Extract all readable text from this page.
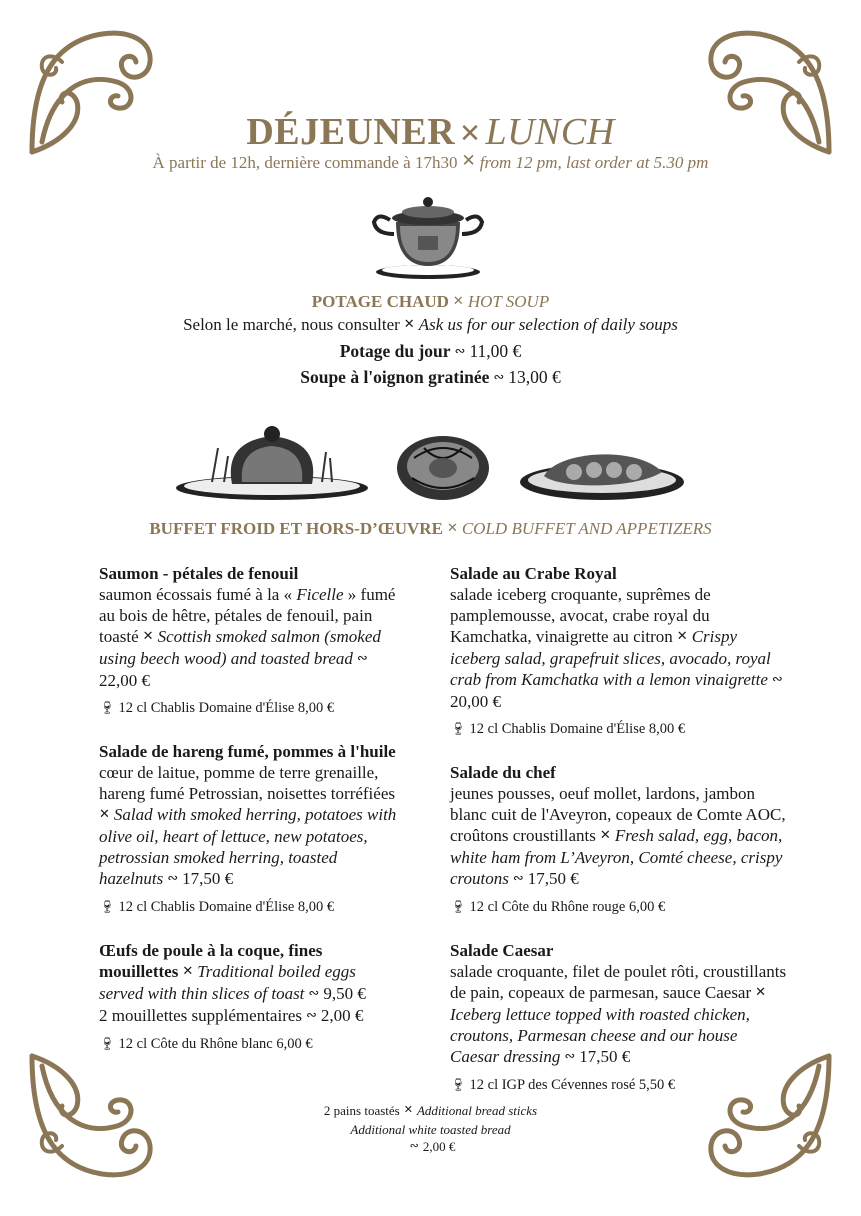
DÉJEUNER ✕ LUNCH
À partir de 12h, dernière commande à 17h30 ✕ from 12 pm, last order at 5.30 pm
POTAGE CHAUD ✕ HOT SOUP
Selon le marché, nous consulter ✕ Ask us for our selection of daily soups
Potage du jour ∾ 11,00 €
Soupe à l'oignon gratinée ∾ 13,00 €
BUFFET FROID ET HORS-D’ŒUVRE ✕ COLD BUFFET AND APPETIZERS
Saumon - pétales de fenouil
saumon écossais fumé à la « Ficelle » fumé au bois de hêtre, pétales de fenouil, pain toasté ✕ Scottish smoked salmon (smoked using beech wood) and toasted bread ∾22,00 €
🍷︎ 12 cl Chablis Domaine d'Élise 8,00 €
Salade de hareng fumé, pommes à l'huile cœur de laitue, pomme de terre grenaille, hareng fumé Petrossian, noisettes torréfiées
✕ Salad with smoked herring, potatoes with olive oil, heart of lettuce, new potatoes, petrossian smoked herring, toasted hazelnuts ∾ 17,50 €
🍷︎ 12 cl Chablis Domaine d'Élise 8,00 €
Œufs de poule à la coque, fines mouillettes ✕ Traditional boiled eggs served with thin slices of toast ∾ 9,50 €
2 mouillettes supplémentaires ∾ 2,00 €
🍷︎ 12 cl Côte du Rhône blanc 6,00 €
Salade au Crabe Royal
salade iceberg croquante, suprêmes de pamplemousse, avocat, crabe royal du Kamchatka, vinaigrette au citron ✕ Crispy iceberg salad, grapefruit slices, avocado, royal crab from Kamchatka with a lemon vinaigrette ∾20,00 €
🍷︎ 12 cl Chablis Domaine d'Élise 8,00 €
Salade du chef
jeunes pousses, oeuf mollet, lardons, jambon blanc cuit de l'Aveyron, copeaux de Comte AOC, croûtons croustillants ✕ Fresh salad, egg, bacon, white ham from L’Aveyron, Comté cheese, crispy croutons ∾ 17,50 €
🍷︎ 12 cl Côte du Rhône rouge 6,00 €
Salade Caesar
salade croquante, filet de poulet rôti, croustillants de pain, copeaux de parmesan, sauce Caesar ✕Iceberg lettuce topped with roasted chicken, croutons, Parmesan cheese and our house Caesar dressing ∾ 17,50 €
🍷︎ 12 cl IGP des Cévennes rosé 5,50 €
2 pains toastés ✕ Additional bread sticks
Additional white toasted bread
∾ 2,00 €
